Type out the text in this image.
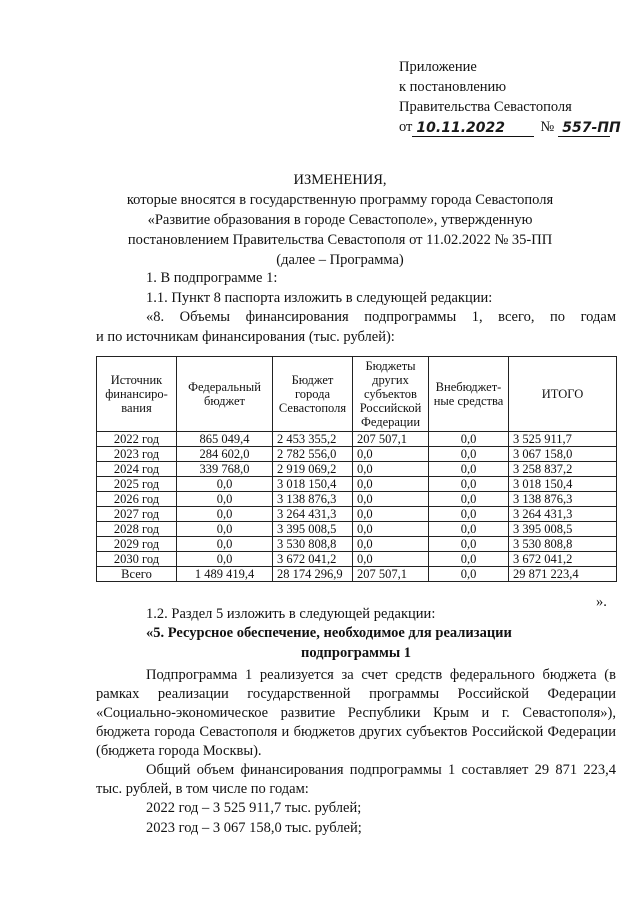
Приложение
к постановлению
Правительства Севастополя
от 10.11.2022	№ 557-ПП
ИЗМЕНЕНИЯ,
которые вносятся в государственную программу города Севастополя
«Развитие образования в городе Севастополе», утвержденную
постановлением Правительства Севастополя от 11.02.2022 № 35-ПП
(далее – Программа)
1. В подпрограмме 1:
1.1. Пункт 8 паспорта изложить в следующей редакции:
«8. Объемы финансирования подпрограммы 1, всего, по годам
и по источникам финансирования (тыс. рублей):
Источник финансиро-вания	Федеральный бюджет	Бюджет города Севастополя	Бюджеты других субъектов Российской Федерации	Внебюджет-ные средства	ИТОГО
2022 год	865 049,4	2 453 355,2	207 507,1	0,0	3 525 911,7
2023 год	284 602,0	2 782 556,0	0,0	0,0	3 067 158,0
2024 год	339 768,0	2 919 069,2	0,0	0,0	3 258 837,2
2025 год	0,0	3 018 150,4	0,0	0,0	3 018 150,4
2026 год	0,0	3 138 876,3	0,0	0,0	3 138 876,3
2027 год	0,0	3 264 431,3	0,0	0,0	3 264 431,3
2028 год	0,0	3 395 008,5	0,0	0,0	3 395 008,5
2029 год	0,0	3 530 808,8	0,0	0,0	3 530 808,8
2030 год	0,0	3 672 041,2	0,0	0,0	3 672 041,2
Всего	1 489 419,4	28 174 296,9	207 507,1	0,0	29 871 223,4
».
1.2. Раздел 5 изложить в следующей редакции:
«5. Ресурсное обеспечение, необходимое для реализации
подпрограммы 1
Подпрограмма 1 реализуется за счет средств федерального бюджета (в рамках реализации государственной программы Российской Федерации «Социально-экономическое развитие Республики Крым и г. Севастополя»), бюджета города Севастополя и бюджетов других субъектов Российской Федерации (бюджета города Москвы).
Общий объем финансирования подпрограммы 1 составляет 29 871 223,4 тыс. рублей, в том числе по годам:
2022 год – 3 525 911,7 тыс. рублей;
2023 год – 3 067 158,0 тыс. рублей;
